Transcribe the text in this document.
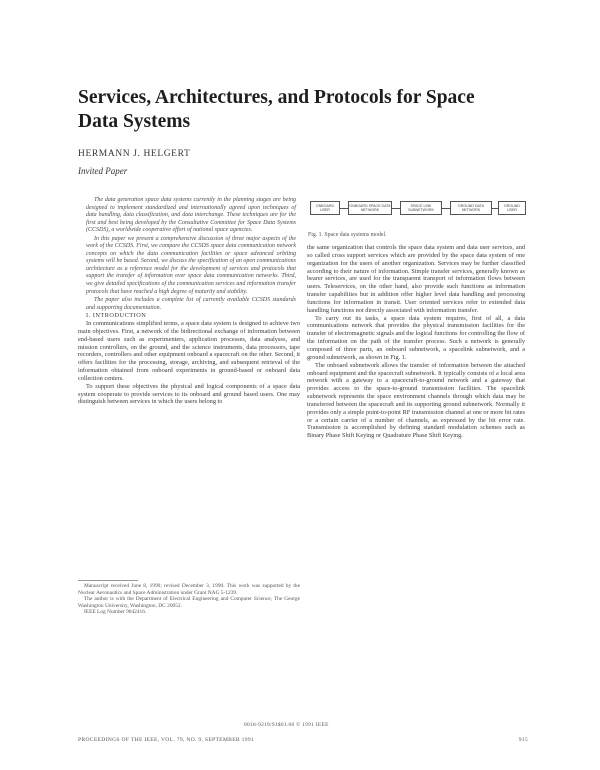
Services, Architectures, and Protocols for Space Data Systems
HERMANN J. HELGERT
Invited Paper

The data generation space data systems currently in the planning stages are being designed to implement standardized and internationally agreed upon techniques of data handling, data classification, and data interchange. These techniques are for the first and best being developed by the Consultative Committee for Space Data Systems (CCSDS), a worldwide cooperative effort of national space agencies.

In this paper we present a comprehensive discussion of three major aspects of the work of the CCSDS. First, we compare the CCSDS space data communication network concepts on which the data communication facilities or space advanced orbiting systems will be based. Second, we discuss the specification of an open communications architecture as a reference model for the development of services and protocols that support the transfer of information over space data communication networks. Third, we give detailed specifications of the communication services and information transfer protocols that have reached a high degree of maturity and stability.

The paper also includes a complete list of currently available CCSDS standards and supporting documentation.

I. INTRODUCTION

In communications simplified terms, a space data system is designed to achieve two main objectives. First, a network of the bidirectional exchange of information between end-based users such as experimenters, application processes, data analyses, and mission controllers, on the ground, and the science instruments, data processors, tape recorders, controllers and other equipment onboard a spacecraft on the other. Second, it offers facilities for the processing, storage, archiving, and subsequent retrieval of the information obtained from onboard experiments in ground-based or onboard data collection centers.

To support these objectives the physical and logical components of a space data system cooperate to provide services to its onboard and ground based users. One may distinguish between services in which the users belong to

Manuscript received June 8, 1990; revised December 3, 1990. This work was supported by the Nuclear Aeronautics and Space Administration under Grant NAG 5-1239.

The author is with the Department of Electrical Engineering and Computer Science, The George Washington University, Washington, DC 20052.

IEEE Log Number 9042416.

ONBOARD USER
ONBOARD SPACE DATA NETWORK
SPACE LINK SUBNETWORK
GROUND DATA NETWORK
GROUND USER
Fig. 1. Space data systems model.

the same organization that controls the space data system and data user services, and so called cross support services which are provided by the space data system of one organization for the users of another organization. Services may be further classified according to their nature of information. Simple transfer services, generally known as bearer services, are used for the transparent transport of information flows between users. Teleservices, on the other hand, also provide such functions as information transfer capabilities but in addition offer higher level data handling and processing functions for information in transit. User oriented services refer to extended data handling functions not directly associated with information transfer.

To carry out its tasks, a space data system requires, first of all, a data communications network that provides the physical transmission facilities for the transfer of electromagnetic signals and the logical functions for controlling the flow of the information on the path of the transfer process. Such a network is generally composed of three parts, an onboard subnetwork, a spacelink subnetwork, and a ground subnetwork, as shown in Fig. 1.

The onboard subnetwork allows the transfer of information between the attached onboard equipment and the spacecraft subnetwork. It typically consists of a local area network with a gateway to a spacecraft-to-ground network and a gateway that provides access to the space-to-ground transmission facilities. The spacelink subnetwork represents the space environment channels through which data may be transferred between the spacecraft and its supporting ground subnetwork. Normally it provides only a simple point-to-point RF transmission channel at one or more bit rates or a certain carrier of a number of channels, as expressed by the bit error rate. Transmission is accomplished by defining standard modulation schemes such as Binary Phase Shift Keying or Quadrature Phase Shift Keying.

0018-9219/91$01.00 © 1991 IEEE
PROCEEDINGS OF THE IEEE, VOL. 79, NO. 9, SEPTEMBER 1991	915
